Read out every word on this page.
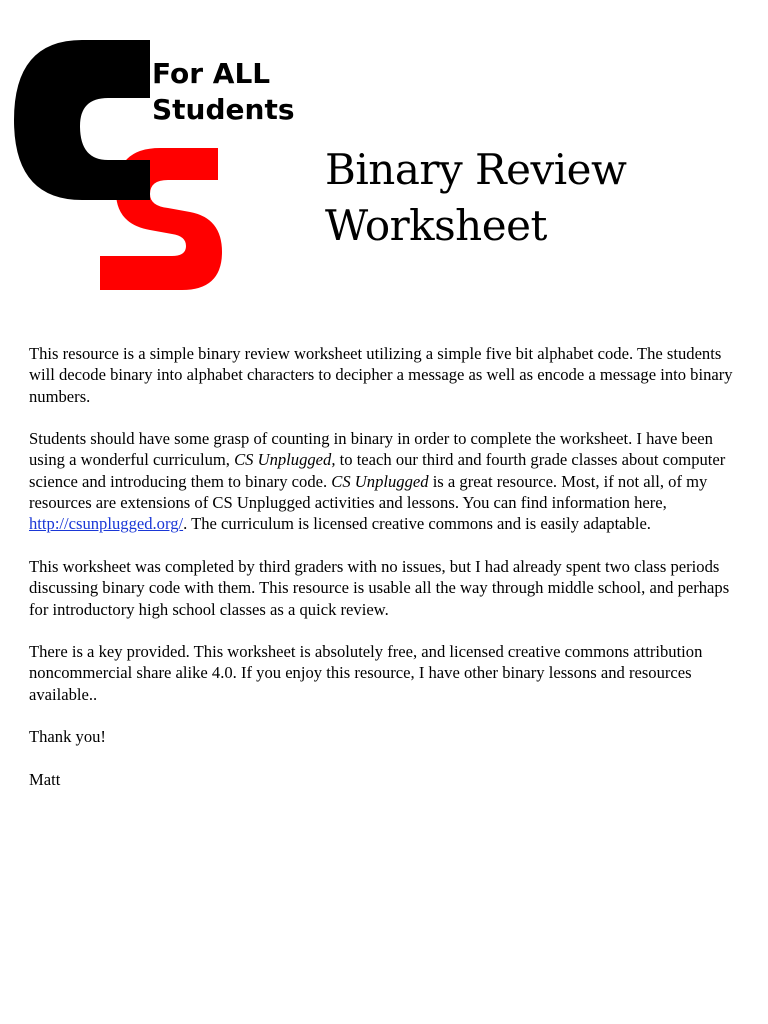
For ALL
Students
Binary Review
Worksheet

This resource is a simple binary review worksheet utilizing a simple five bit alphabet code. The students will decode binary into alphabet characters to decipher a message as well as encode a message into binary numbers.

Students should have some grasp of counting in binary in order to complete the worksheet. I have been using a wonderful curriculum, CS Unplugged, to teach our third and fourth grade classes about computer science and introducing them to binary code. CS Unplugged is a great resource. Most, if not all, of my resources are extensions of CS Unplugged activities and lessons. You can find information here, http://csunplugged.org/. The curriculum is licensed creative commons and is easily adaptable.

This worksheet was completed by third graders with no issues, but I had already spent two class periods discussing binary code with them. This resource is usable all the way through middle school, and perhaps for introductory high school classes as a quick review.

There is a key provided. This worksheet is absolutely free, and licensed creative commons attribution noncommercial share alike 4.0. If you enjoy this resource, I have other binary lessons and resources available..

Thank you!

Matt
